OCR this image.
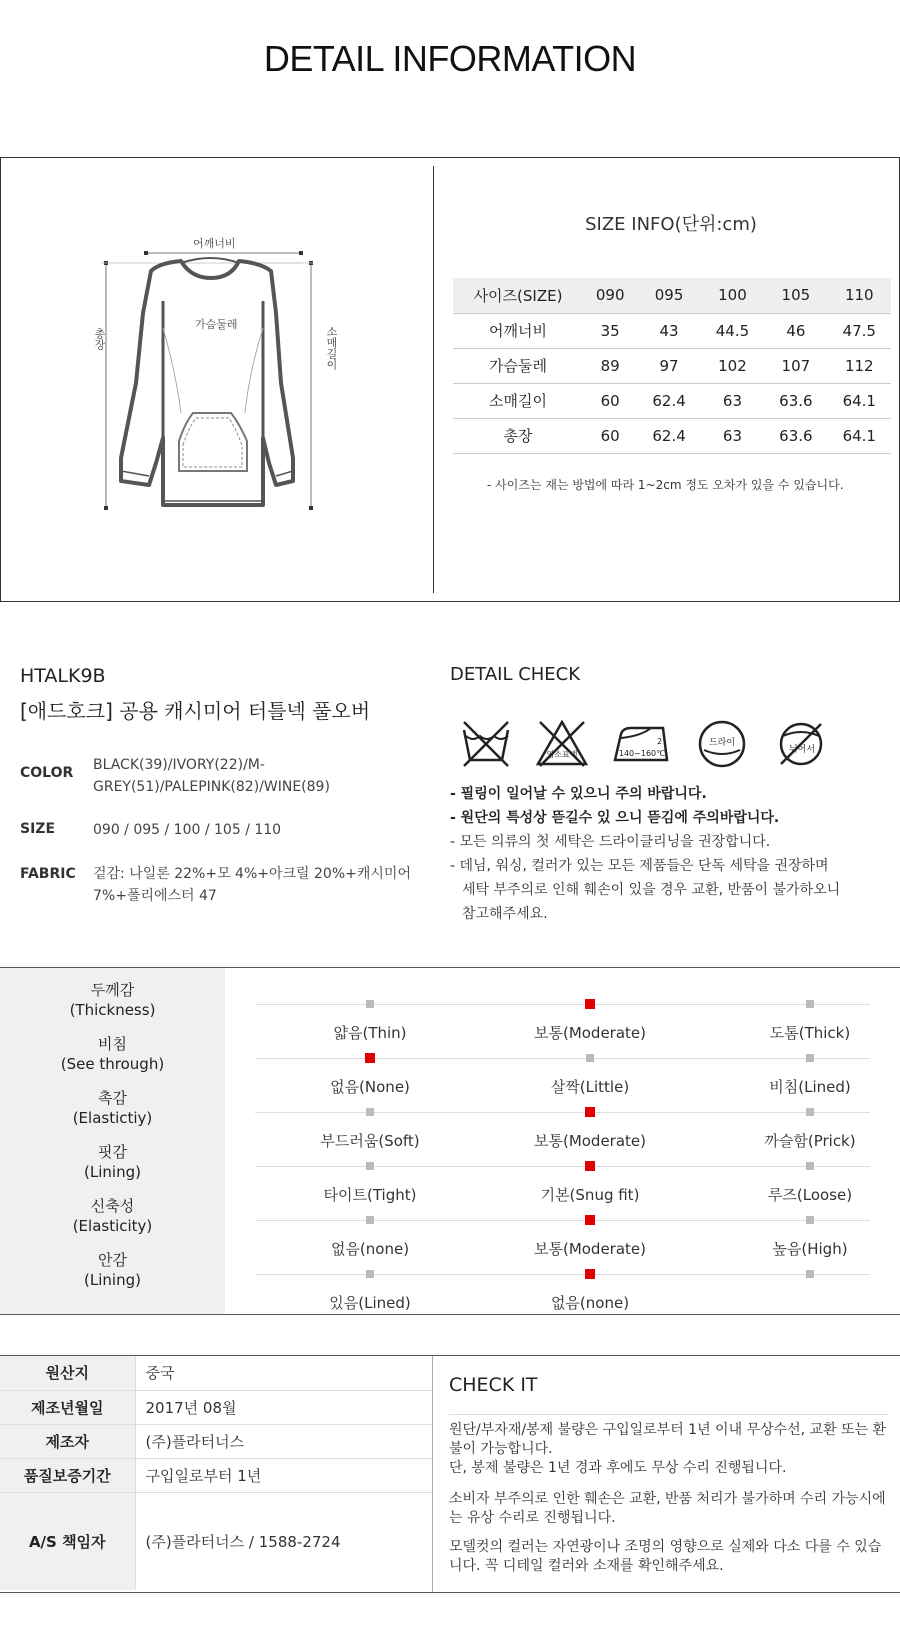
DETAIL INFORMATION
어깨너비
가슴둘레
총장	소매길이
SIZE INFO(단위:cm)
사이즈(SIZE)	090	095	100	105	110
어깨너비	35	43	44.5	46	47.5
가슴둘레	89	97	102	107	112
소매길이	60	62.4	63	63.6	64.1
총장	60	62.4	63	63.6	64.1
- 사이즈는 재는 방법에 따라 1~2cm 정도 오차가 있을 수 있습니다.
HTALK9B
[애드호크] 공용 캐시미어 터틀넥 풀오버
COLOR	BLACK(39)/IVORY(22)/M-GREY(51)/PALEPINK(82)/WINE(89)
SIZE	090 / 095 / 100 / 105 / 110
FABRIC	겉감: 나일론 22%+모 4%+아크릴 20%+캐시미어 7%+폴리에스터 47
DETAIL CHECK
염소표백
2
140~160℃
드라이
뉘어서
- 필링이 일어날 수 있으니 주의 바랍니다.
- 원단의 특성상 뜯길수 있 으니 뜯김에 주의바랍니다.
- 모든 의류의 첫 세탁은 드라이클리닝을 권장합니다.
- 데님, 워싱, 컬러가 있는 모든 제품들은 단독 세탁을 권장하며
세탁 부주의로 인해 훼손이 있을 경우 교환, 반품이 불가하오니
참고해주세요.
두께감
(Thickness)
얇음(Thin)	보통(Moderate)	도톰(Thick)
비침
(See through)
없음(None)	살짝(Little)	비침(Lined)
촉감
(Elastictiy)
부드러움(Soft)	보통(Moderate)	까슬함(Prick)
핏감
(Lining)
타이트(Tight)	기본(Snug fit)	루즈(Loose)
신축성
(Elasticity)
없음(none)	보통(Moderate)	높음(High)
안감
(Lining)
있음(Lined)	없음(none)
원산지	중국
제조년월일	2017년 08월
제조자	(주)플라터너스
품질보증기간	구입일로부터 1년
A/S 책임자	(주)플라터너스 / 1588-2724
CHECK IT
원단/부자재/봉제 불량은 구입일로부터 1년 이내 무상수선, 교환 또는 환불이 가능합니다.
단, 봉제 불량은 1년 경과 후에도 무상 수리 진행됩니다.
소비자 부주의로 인한 훼손은 교환, 반품 처리가 불가하며 수리 가능시에는 유상 수리로 진행됩니다.
모델컷의 컬러는 자연광이나 조명의 영향으로 실제와 다소 다를 수 있습니다. 꼭 디테일 컬러와 소재를 확인해주세요.
